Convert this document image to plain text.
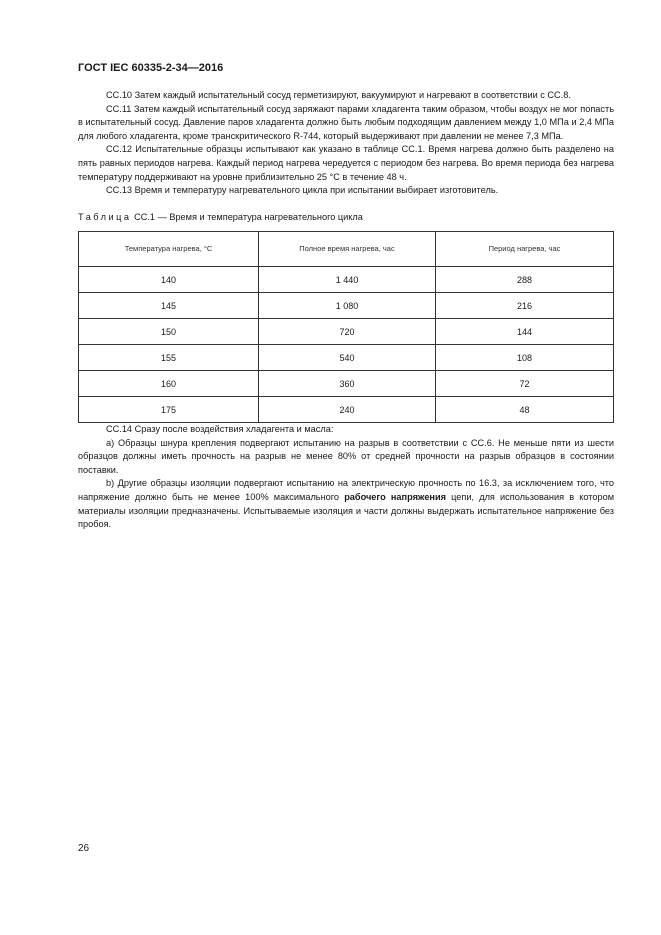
ГОСТ IEC 60335-2-34—2016

CC.10 Затем каждый испытательный сосуд герметизируют, вакуумируют и нагревают в соответствии с CC.8.

CC.11 Затем каждый испытательный сосуд заряжают парами хладагента таким образом, чтобы воздух не мог попасть в испытательный сосуд. Давление паров хладагента должно быть любым подходящим давлением между 1,0 МПа и 2,4 МПа для любого хладагента, кроме транскритического R-744, который выдерживают при давлении не менее 7,3 МПа.

CC.12 Испытательные образцы испытывают как указано в таблице CC.1. Время нагрева должно быть разделено на пять равных периодов нагрева. Каждый период нагрева чередуется с периодом без нагрева. Во время периода без нагрева температуру поддерживают на уровне приблизительно 25 °C в течение 48 ч.

CC.13 Время и температуру нагревательного цикла при испытании выбирает изготовитель.

Таблица CC.1 — Время и температура нагревательного цикла
Температура нагрева, °C	Полное время нагрева, час	Период нагрева, час
140	1 440	288
145	1 080	216
150	720	144
155	540	108
160	360	72
175	240	48

CC.14 Сразу после воздействия хладагента и масла:

a) Образцы шнура крепления подвергают испытанию на разрыв в соответствии с CC.6. Не меньше пяти из шести образцов должны иметь прочность на разрыв не менее 80% от средней прочности на разрыв образцов в состоянии поставки.

b) Другие образцы изоляции подвергают испытанию на электрическую прочность по 16.3, за исключением того, что напряжение должно быть не менее 100% максимального рабочего напряжения цепи, для использования в котором материалы изоляции предназначены. Испытываемые изоляция и части должны выдержать испытательное напряжение без пробоя.

26
